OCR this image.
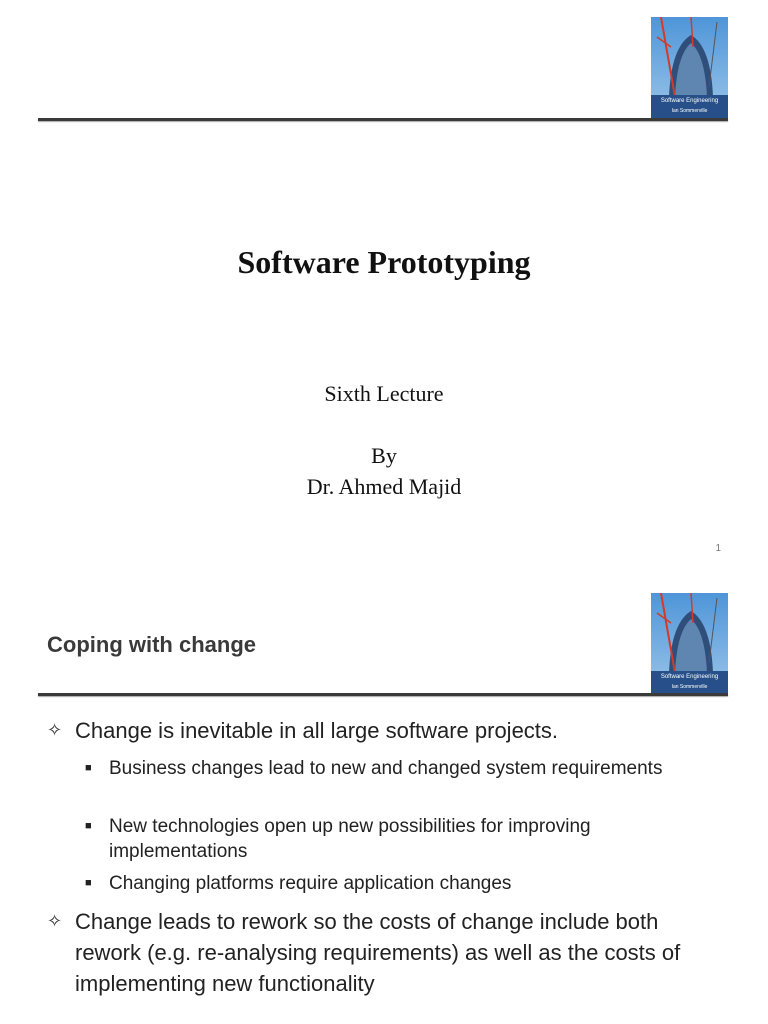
Software Engineering
Ian Sommerville
Software Prototyping
Sixth Lecture
By
Dr. Ahmed Majid
1
Software Engineering
Ian Sommerville
Coping with change
✧ Change is inevitable in all large software projects.
■ Business changes lead to new and changed system requirements
■ New technologies open up new possibilities for improving implementations
■ Changing platforms require application changes
✧ Change leads to rework so the costs of change include both rework (e.g. re-analysing requirements) as well as the costs of implementing new functionality
